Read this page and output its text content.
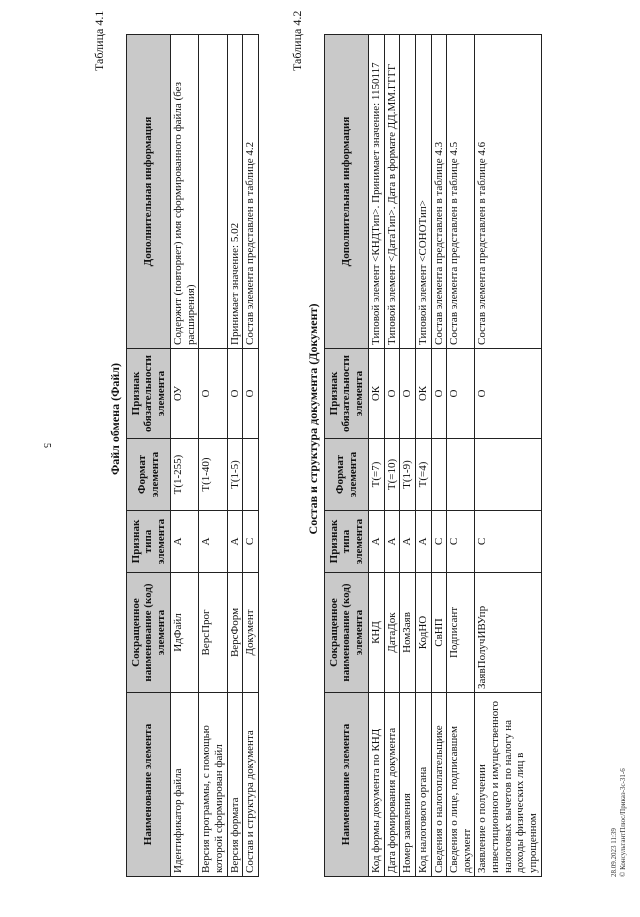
5
Таблица 4.1
Файл обмена (Файл)
Наименование элемента	Сокращенное наименование (код) элемента	Признак типа элемента	Формат элемента	Признак обязательности элемента	Дополнительная информация
Идентификатор файла	ИдФайл	А	Т(1-255)	ОУ	Содержит (повторяет) имя сформированного файла (без расширения)
Версия программы, с помощью которой сформирован файл	ВерсПрог	А	Т(1-40)	О	
Версия формата	ВерсФорм	А	Т(1-5)	О	Принимает значение: 5.02
Состав и структура документа	Документ	С		О	Состав элемента представлен в таблице 4.2
Таблица 4.2
Состав и структура документа (Документ)
Наименование элемента	Сокращенное наименование (код) элемента	Признак типа элемента	Формат элемента	Признак обязательности элемента	Дополнительная информация
Код формы документа по КНД	КНД	А	Т(=7)	ОК	Типовой элемент <КНДТип>. Принимает значение: 1150117
Дата формирования документа	ДатаДок	А	Т(=10)	О	Типовой элемент <ДатаТип>. Дата в формате ДД.ММ.ГГГГ
Номер заявления	НомЗаяв	А	Т(1-9)	О	
Код налогового органа	КодНО	А	Т(=4)	ОК	Типовой элемент <СОНОТип>
Сведения о налогоплательщике	СвНП	С		О	Состав элемента представлен в таблице 4.3
Сведения о лице, подписавшем документ	Подписант	С		О	Состав элемента представлен в таблице 4.5
Заявление о получении инвестиционного и имущественного налоговых вычетов по налогу на доходы физических лиц в упрощенном	ЗаявПолучИВУпр	С		О	Состав элемента представлен в таблице 4.6
28.09.2023 11:39 © КонсультантПлюс/Приказ-3с-31-6
